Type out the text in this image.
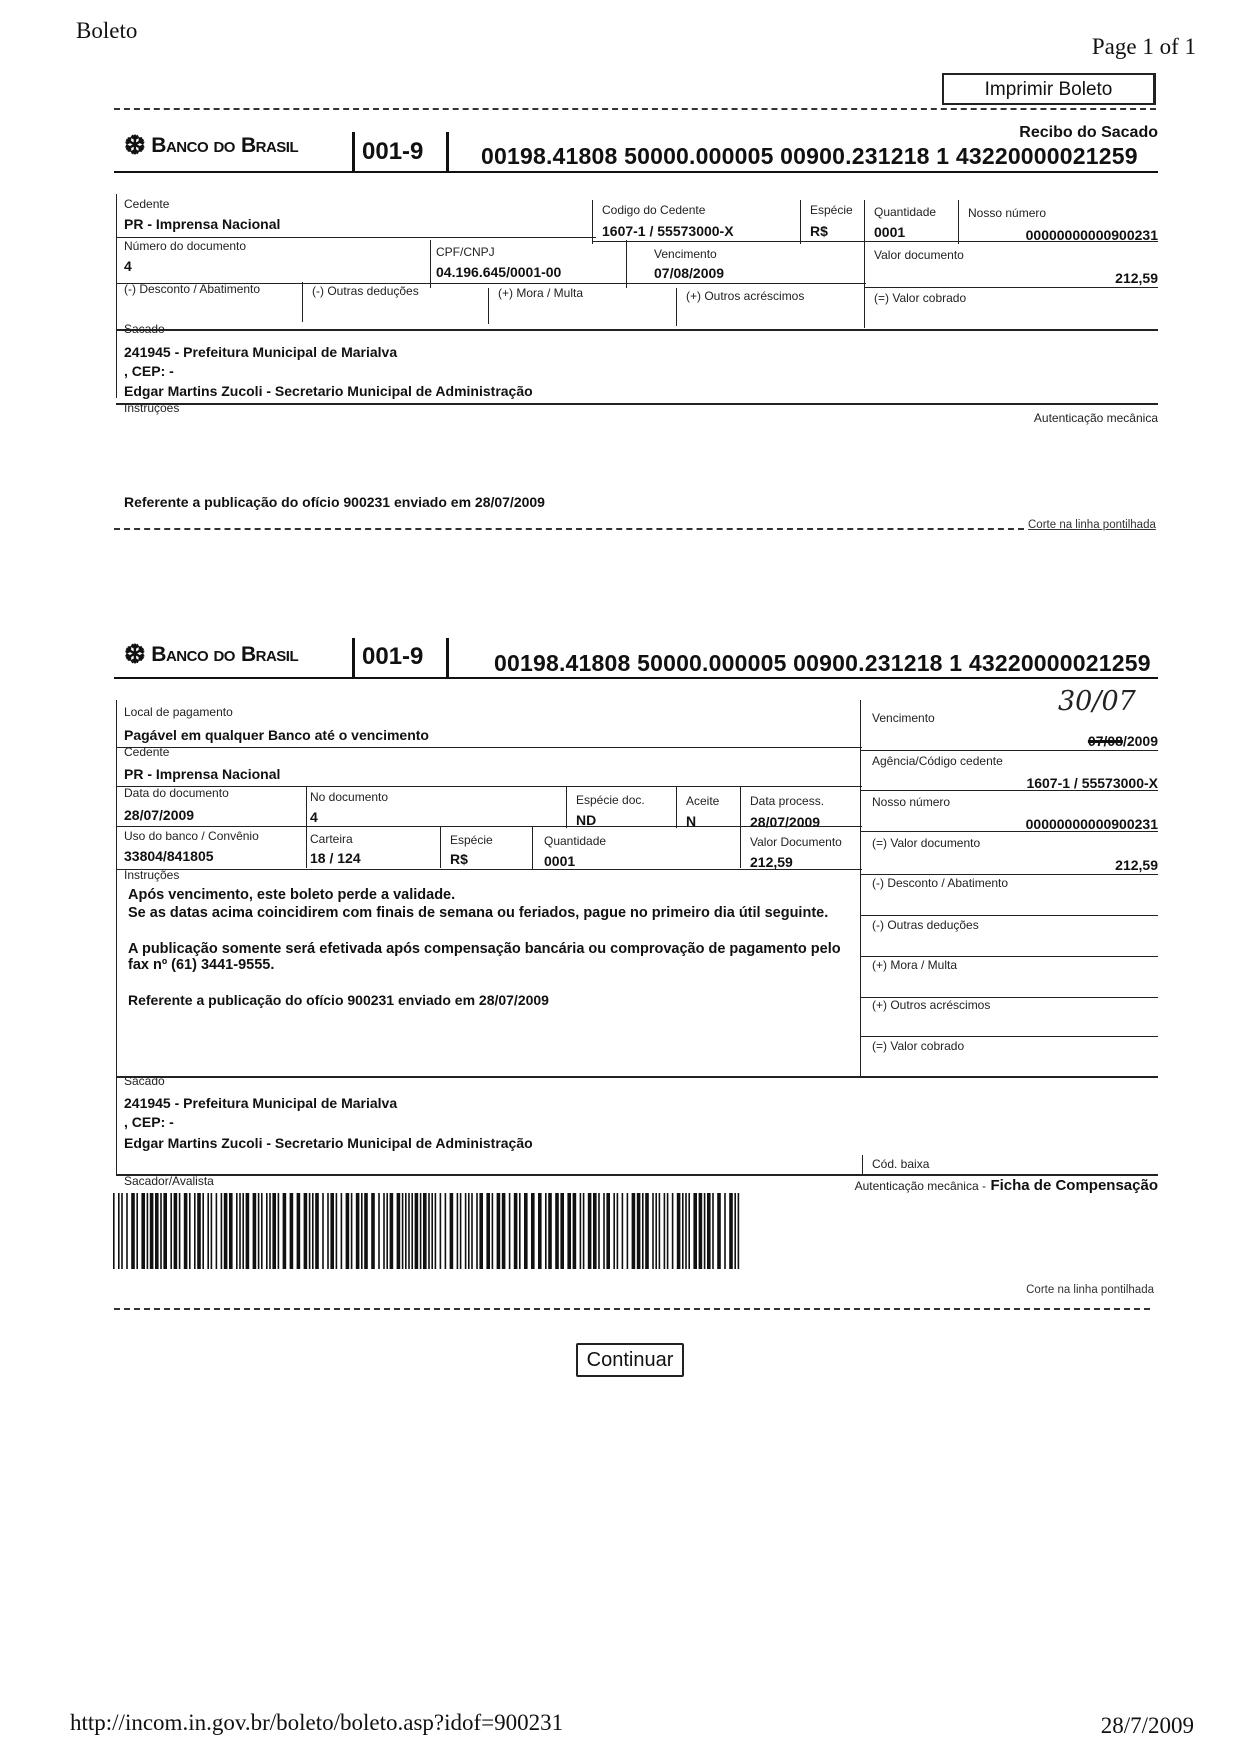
Boleto
Page 1 of 1
Imprimir Boleto
Recibo do Sacado
❆ Banco do Brasil	001-9	00198.41808 50000.000005 00900.231218 1 43220000021259
Cedente
PR - Imprensa Nacional
Codigo do Cedente
1607-1 / 55573000-X
Espécie
R$
Quantidade
0001
Nosso número
00000000000900231
Número do documento
4
CPF/CNPJ
04.196.645/0001-00
Vencimento
07/08/2009
Valor documento
212,59
(-) Desconto / Abatimento	(-) Outras deduções	(+) Mora / Multa	(+) Outros acréscimos	(=) Valor cobrado
Sacado
241945 - Prefeitura Municipal de Marialva
, CEP: -
Edgar Martins Zucoli - Secretario Municipal de Administração
Instruções
Autenticação mecânica
Referente a publicação do ofício 900231 enviado em 28/07/2009
Corte na linha pontilhada
❆ Banco do Brasil	001-9	00198.41808 50000.000005 00900.231218 1 43220000021259
Local de pagamento
Pagável em qualquer Banco até o vencimento
Vencimento
30/07
07/08/2009
Cedente
PR - Imprensa Nacional
Agência/Código cedente
1607-1 / 55573000-X
Data do documento
28/07/2009
No documento
4
Espécie doc.
ND
Aceite
N
Data process.
28/07/2009
Nosso número
00000000000900231
Uso do banco / Convênio
33804/841805
Carteira
18 / 124
Espécie
R$
Quantidade
0001
Valor Documento
212,59
(=) Valor documento
212,59
(-) Desconto / Abatimento
(-) Outras deduções
(+) Mora / Multa
(+) Outros acréscimos
(=) Valor cobrado
Instruções
Após vencimento, este boleto perde a validade.
Se as datas acima coincidirem com finais de semana ou feriados, pague no primeiro dia útil seguinte.
A publicação somente será efetivada após compensação bancária ou comprovação de pagamento pelo fax nº (61) 3441-9555.
Referente a publicação do ofício 900231 enviado em 28/07/2009
Sacado
241945 - Prefeitura Municipal de Marialva
, CEP: -
Edgar Martins Zucoli - Secretario Municipal de Administração
Cód. baixa
Sacador/Avalista	Autenticação mecânica - Ficha de Compensação
Corte na linha pontilhada
Continuar
http://incom.in.gov.br/boleto/boleto.asp?idof=900231	28/7/2009
